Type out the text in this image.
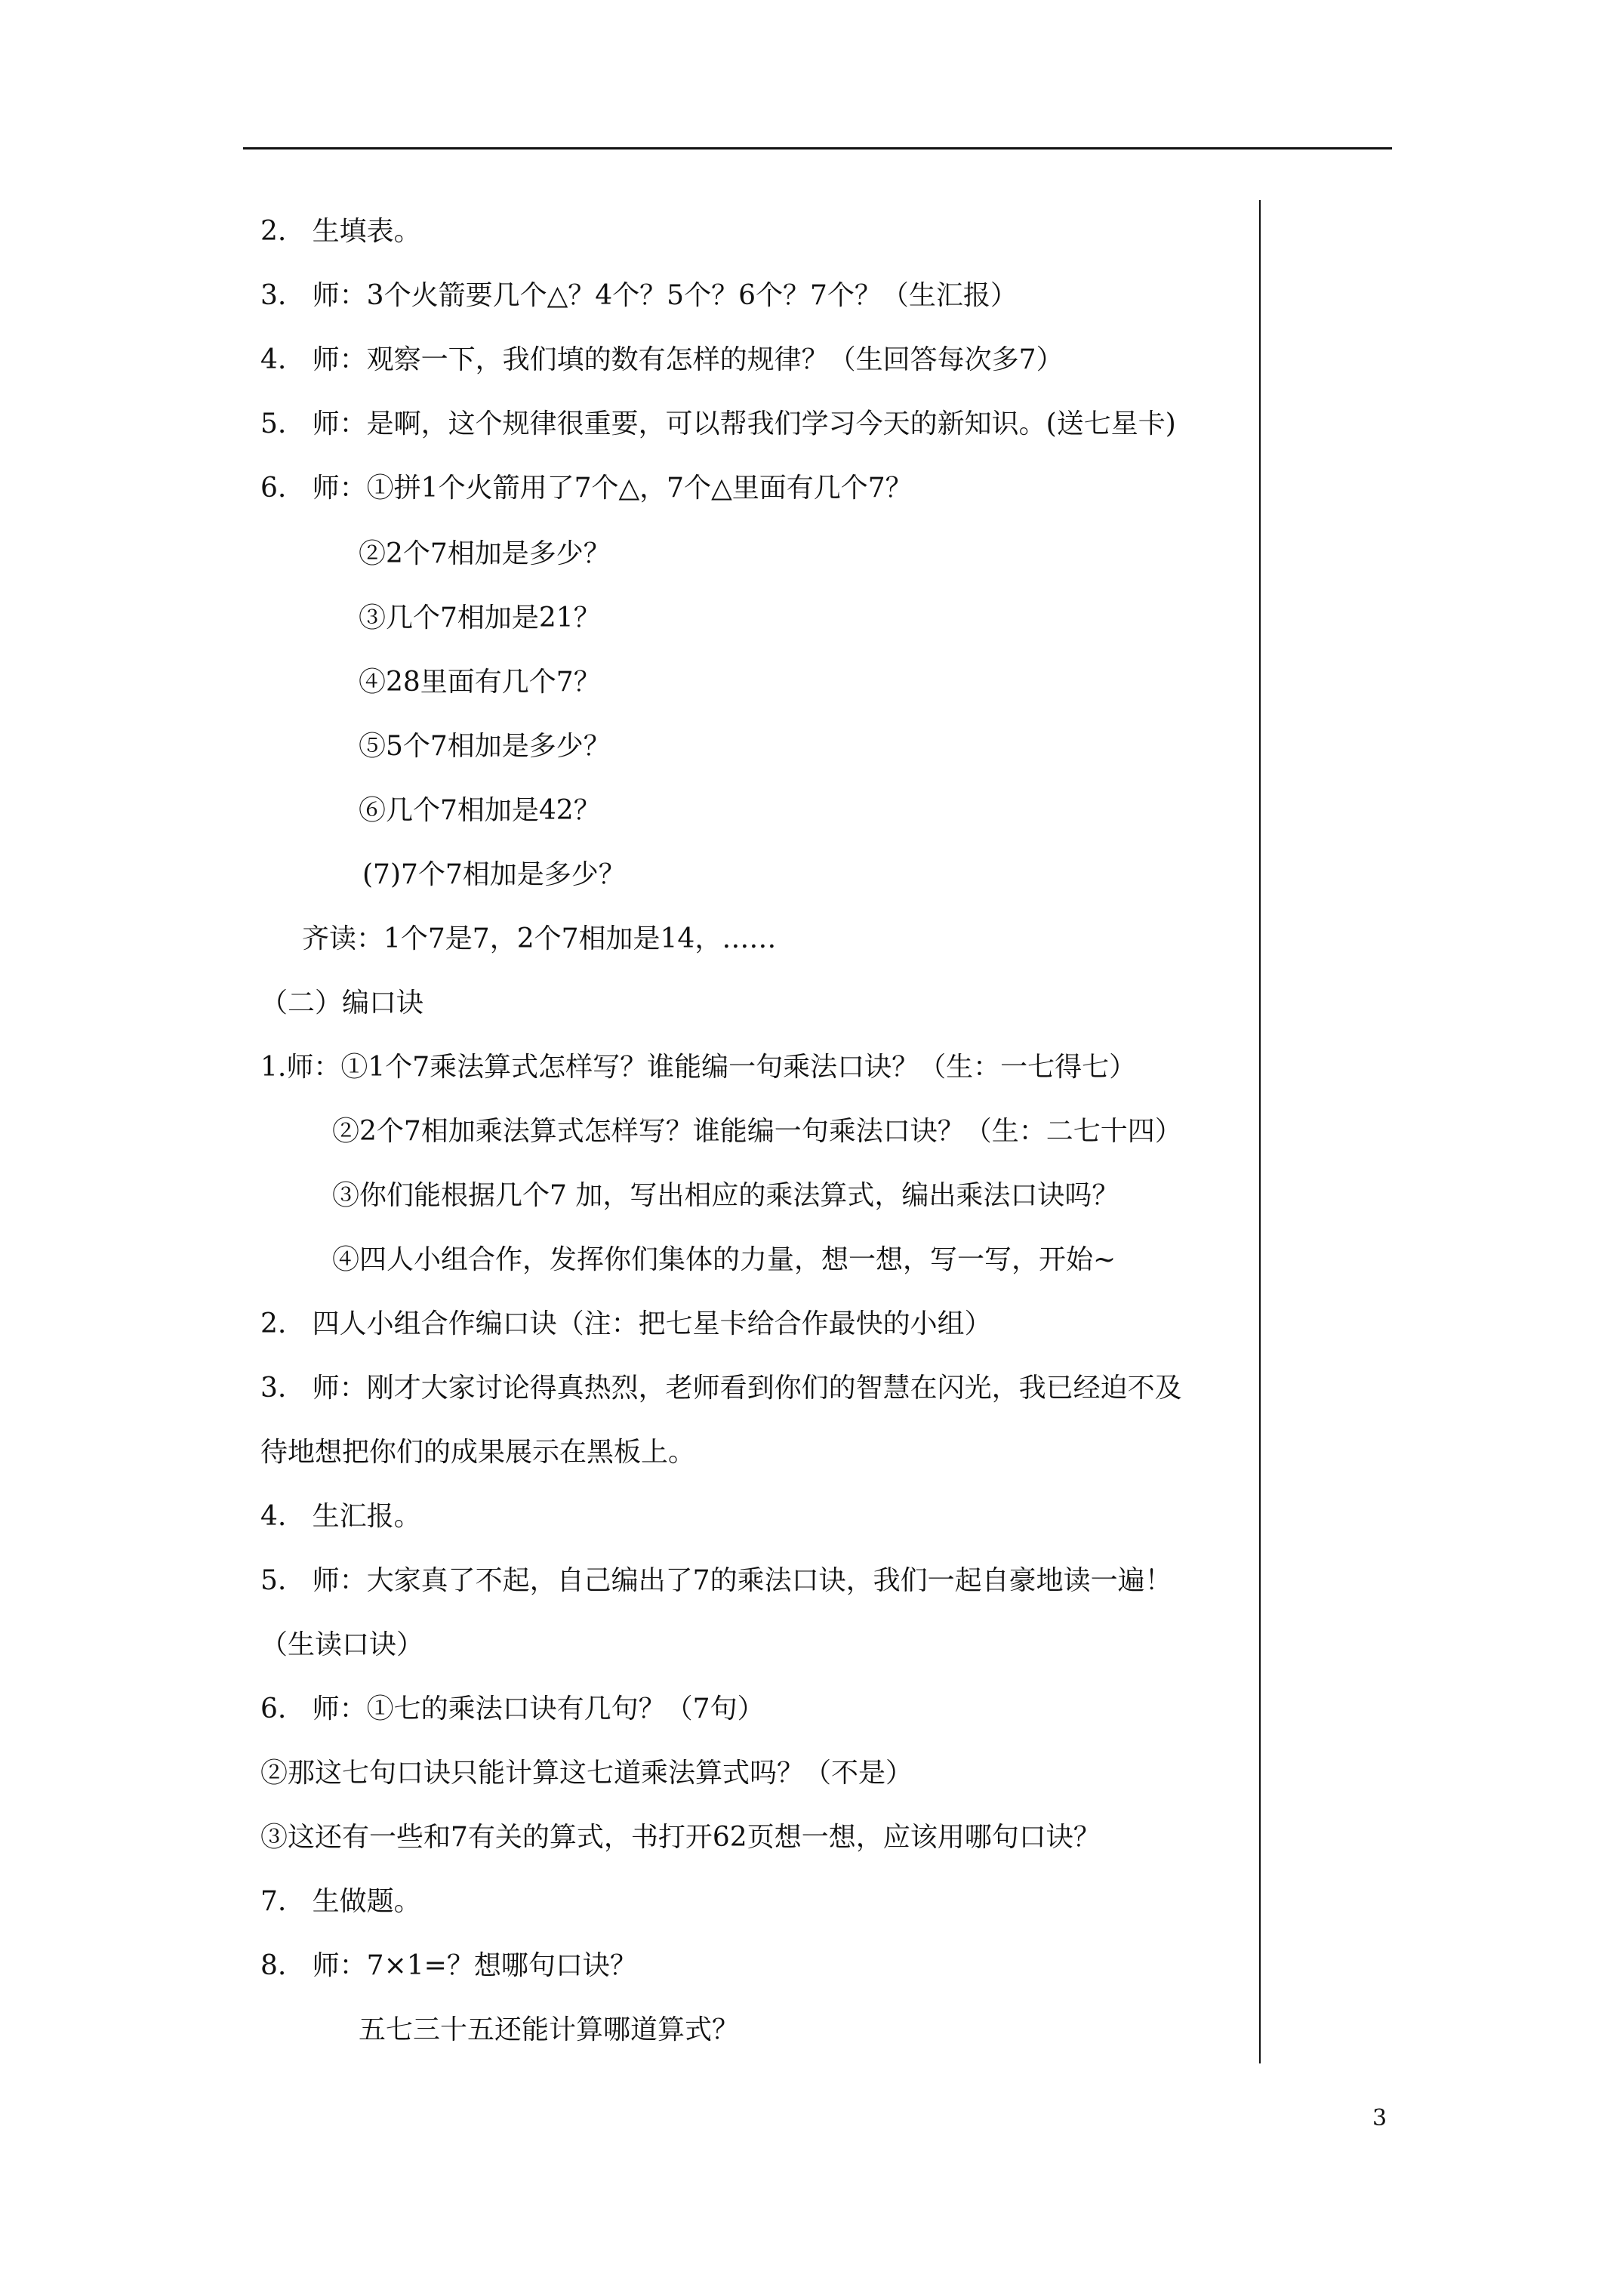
2.   生填表。
3.   师：3个火箭要几个△？4个？5个？6个？7个？（生汇报）
4.   师：观察一下，我们填的数有怎样的规律？（生回答每次多7）
5.   师：是啊，这个规律很重要，可以帮我们学习今天的新知识。(送七星卡)
6.   师：①拼1个火箭用了7个△，7个△里面有几个7？
②2个7相加是多少？
③几个7相加是21？
④28里面有几个7？
⑤5个7相加是多少？
⑥几个7相加是42？
(7)7个7相加是多少？
齐读：1个7是7，2个7相加是14，……
（二）编口诀
1.师：①1个7乘法算式怎样写？谁能编一句乘法口诀？（生：一七得七）
②2个7相加乘法算式怎样写？谁能编一句乘法口诀？（生：二七十四）
③你们能根据几个7 加，写出相应的乘法算式，编出乘法口诀吗？
④四人小组合作，发挥你们集体的力量，想一想，写一写，开始~
2.   四人小组合作编口诀（注：把七星卡给合作最快的小组）
3.   师：刚才大家讨论得真热烈，老师看到你们的智慧在闪光，我已经迫不及
待地想把你们的成果展示在黑板上。
4.   生汇报。
5.   师：大家真了不起，自己编出了7的乘法口诀，我们一起自豪地读一遍！
（生读口诀）
6.   师：①七的乘法口诀有几句？（7句）
②那这七句口诀只能计算这七道乘法算式吗？（不是）
③这还有一些和7有关的算式，书打开62页想一想，应该用哪句口诀？
7.   生做题。
8.   师：7×1=？想哪句口诀？
五七三十五还能计算哪道算式？
3
